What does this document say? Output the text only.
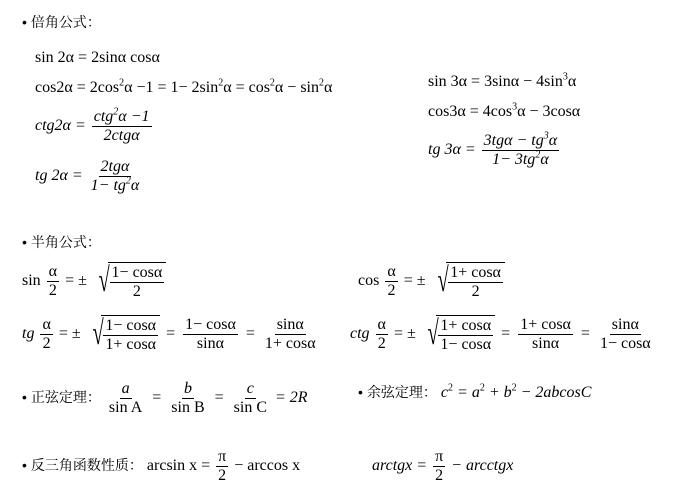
• 倍角公式：
sin 2α = 2sinα cosα
$\cos 2\alpha = 2\cos^2\alpha -1 = 1- 2\sin^2\alpha = \cos^2\alpha - \sin^2\alpha$
$ctg2\alpha = \frac{ctg^2\alpha -1}{\text{2ctgα}}$
tg $2\alpha = \frac{\text{2tgα}}{1- tg^2\alpha}$
$\sin 3\alpha = 3\sin\alpha - 4\sin^3\alpha$
$\cos 3\alpha = 4\cos^3\alpha - 3\cos\alpha$
tg $3\alpha = \frac{3tg\alpha - tg^3\alpha}{1- 3tg^2\alpha}$
• 半角公式：
$\sin \frac{\alpha}{2}$ = ± √ $\frac{1- \cos\alpha}{2}$	$\cos \frac{\alpha}{2}$ = ± √ $\frac{1+ \cos\alpha}{2}$
tg $\frac{\alpha}{2}$ = ± √ $\frac{1- \cos\alpha}{1+ \cos\alpha} = \frac{1- \cos\alpha}{\sin\alpha} = \frac{\sin\alpha}{1+ \cos\alpha}$ ctg $\frac{\alpha}{2}$ = ± √ $\frac{1+ \cos\alpha}{1- \cos\alpha} = \frac{1+ \cos\alpha}{\sin\alpha} = \frac{\sin\alpha}{1- \cos\alpha}$
• 正弦定理： $\frac{a}{\text{sin A}} = \frac{b}{\text{sin B}} = \frac{c}{\text{sin C}} = 2R$	• 余弦定理： $c^2 = a^2 + b^2 - 2abcosC$
• 反三角函数性质： $\arcsin x = \frac{\pi}{2} - \arccos x$	arctgx = $\frac{\pi}{2}$ − arcctgx
